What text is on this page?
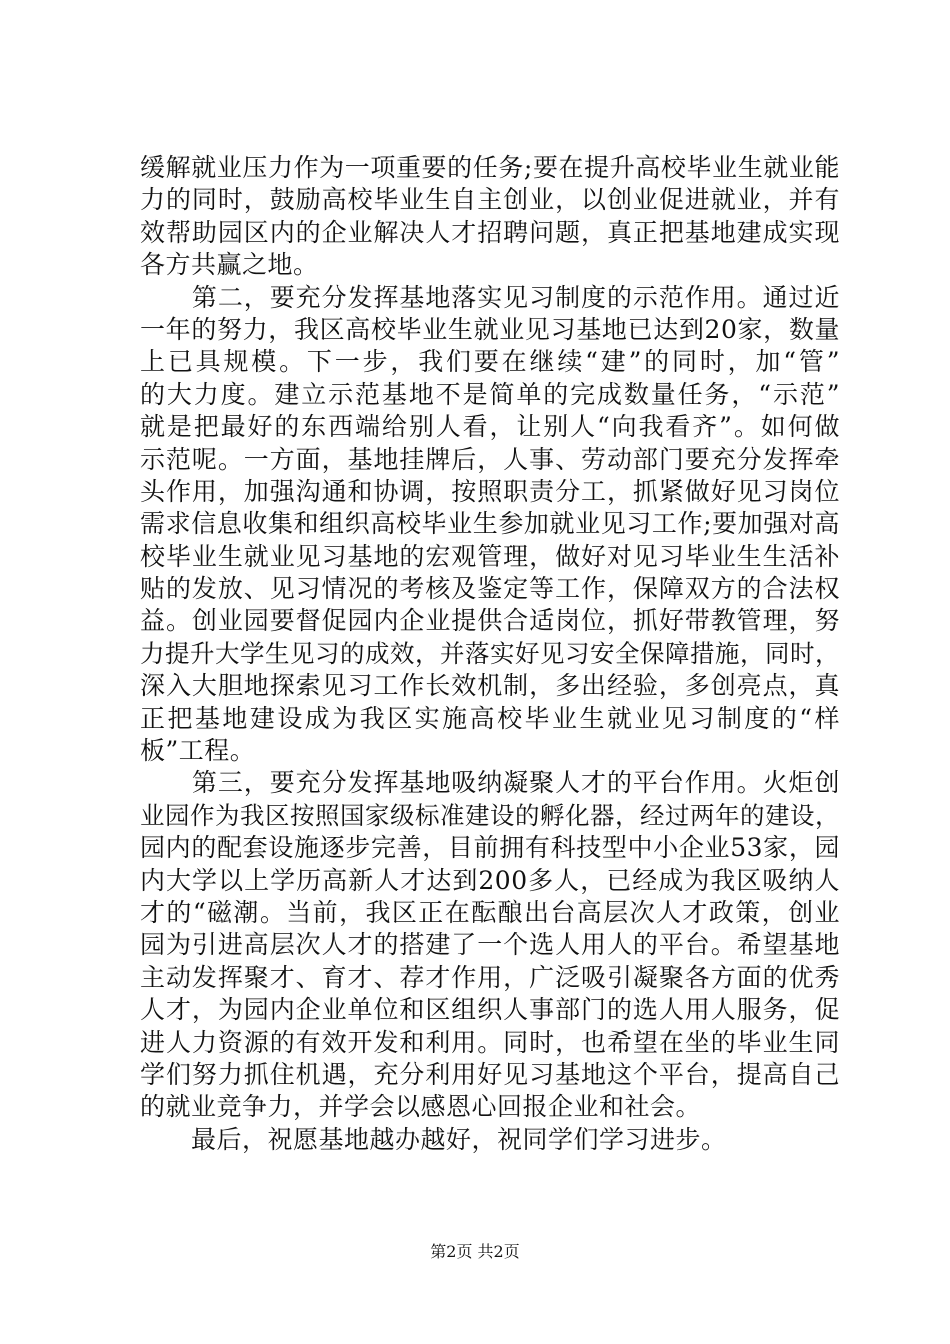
缓解就业压力作为一项重要的任务;要在提升高校毕业生就业能
力的同时，鼓励高校毕业生自主创业，以创业促进就业，并有
效帮助园区内的企业解决人才招聘问题，真正把基地建成实现
各方共赢之地。
　　第二，要充分发挥基地落实见习制度的示范作用。通过近
一年的努力，我区高校毕业生就业见习基地已达到20家，数量
上已具规模。下一步，我们要在继续“建”的同时，加“管”
的大力度。建立示范基地不是简单的完成数量任务，“示范”
就是把最好的东西端给别人看，让别人“向我看齐”。如何做
示范呢。一方面，基地挂牌后，人事、劳动部门要充分发挥牵
头作用，加强沟通和协调，按照职责分工，抓紧做好见习岗位
需求信息收集和组织高校毕业生参加就业见习工作;要加强对高
校毕业生就业见习基地的宏观管理，做好对见习毕业生生活补
贴的发放、见习情况的考核及鉴定等工作，保障双方的合法权
益。创业园要督促园内企业提供合适岗位，抓好带教管理，努
力提升大学生见习的成效，并落实好见习安全保障措施，同时，
深入大胆地探索见习工作长效机制，多出经验，多创亮点，真
正把基地建设成为我区实施高校毕业生就业见习制度的“样
板”工程。
　　第三，要充分发挥基地吸纳凝聚人才的平台作用。火炬创
业园作为我区按照国家级标准建设的孵化器，经过两年的建设，
园内的配套设施逐步完善，目前拥有科技型中小企业53家，园
内大学以上学历高新人才达到200多人，已经成为我区吸纳人
才的“磁潮。当前，我区正在酝酿出台高层次人才政策，创业
园为引进高层次人才的搭建了一个选人用人的平台。希望基地
主动发挥聚才、育才、荐才作用，广泛吸引凝聚各方面的优秀
人才，为园内企业单位和区组织人事部门的选人用人服务，促
进人力资源的有效开发和利用。同时，也希望在坐的毕业生同
学们努力抓住机遇，充分利用好见习基地这个平台，提高自己
的就业竞争力，并学会以感恩心回报企业和社会。
　　最后，祝愿基地越办越好，祝同学们学习进步。
第2页 共2页
